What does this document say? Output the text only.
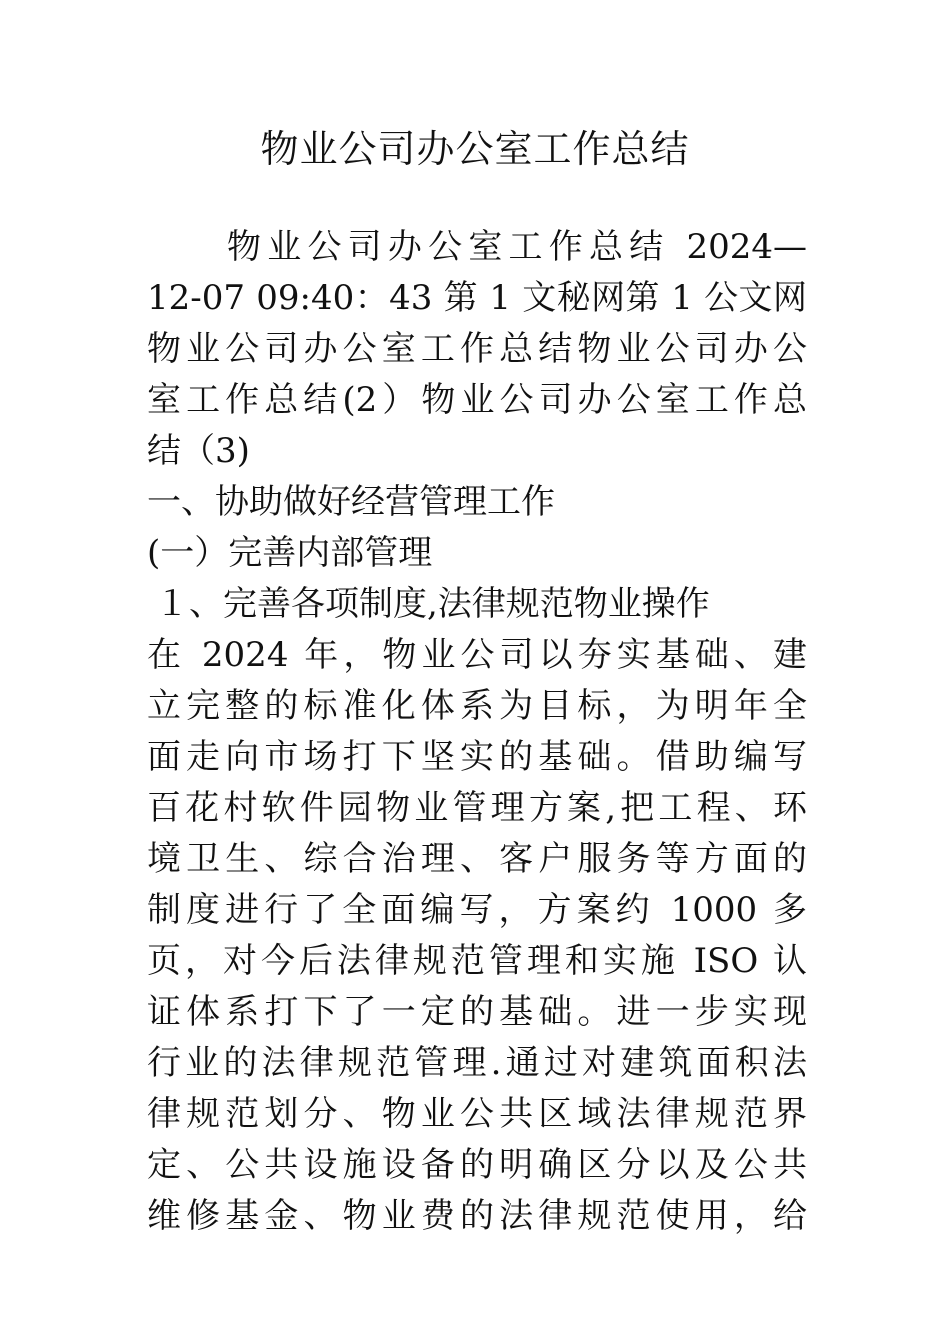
物业公司办公室工作总结
物业公司办公室工作总结 2024—
12-07 09:40：43 第 1 文秘网第 1 公文网
物业公司办公室工作总结物业公司办公
室工作总结(2）物业公司办公室工作总
结（3)
一、协助做好经营管理工作
(一）完善内部管理
１、完善各项制度,法律规范物业操作
在 2024 年，物业公司以夯实基础、建
立完整的标准化体系为目标，为明年全
面走向市场打下坚实的基础。借助编写
百花村软件园物业管理方案,把工程、环
境卫生、综合治理、客户服务等方面的
制度进行了全面编写，方案约 1000 多
页，对今后法律规范管理和实施 ISO 认
证体系打下了一定的基础。进一步实现
行业的法律规范管理.通过对建筑面积法
律规范划分、物业公共区域法律规范界
定、公共设施设备的明确区分以及公共
维修基金、物业费的法律规范使用，给
